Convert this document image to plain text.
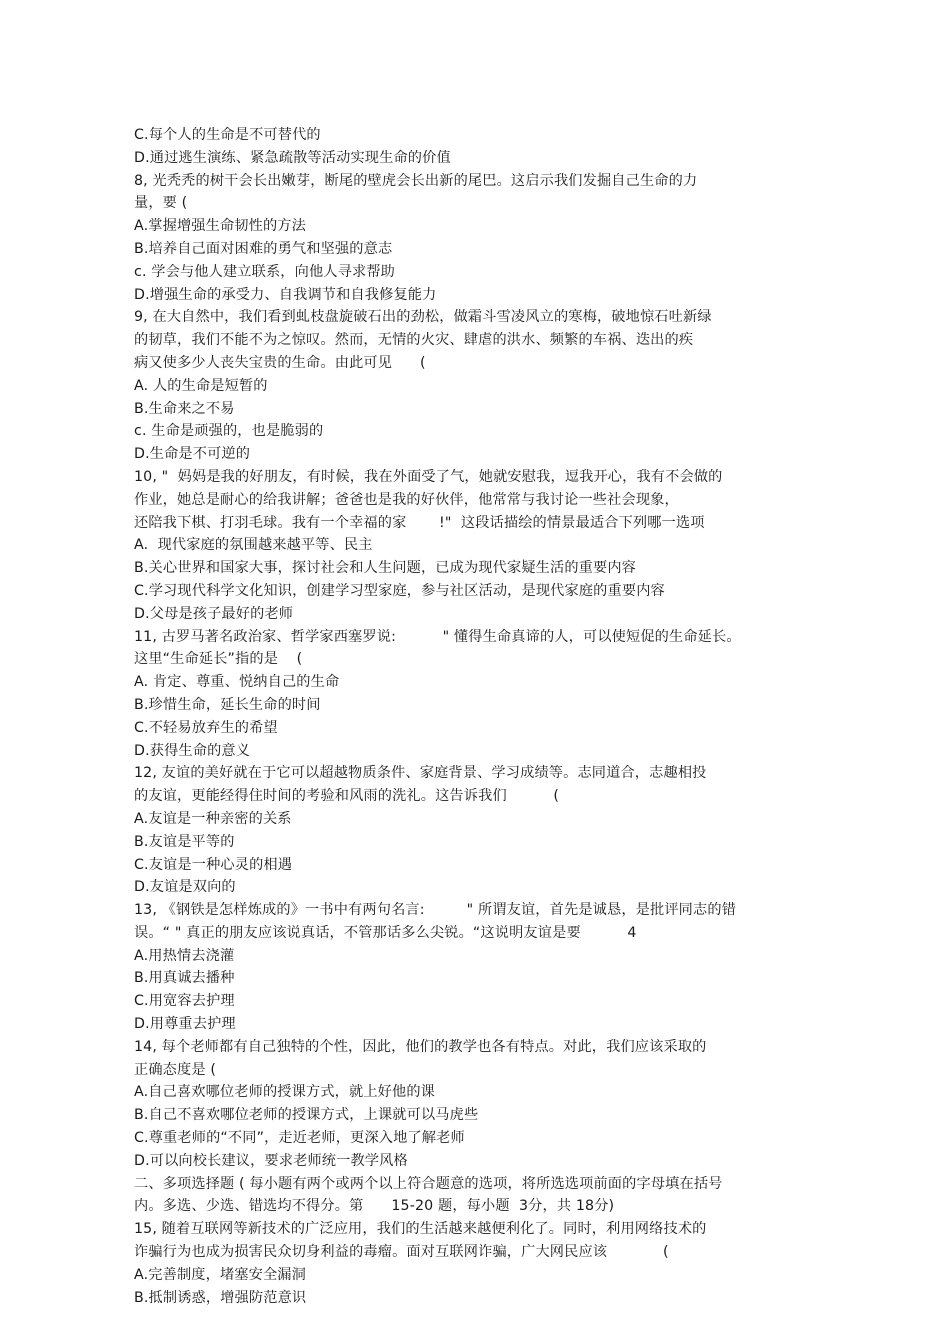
C.每个人的生命是不可替代的
D.通过逃生演练、紧急疏散等活动实现生命的价值
8, 光秃秃的树干会长出嫩芽，断尾的壁虎会长出新的尾巴。这启示我们发掘自己生命的力
量，要 (
A.掌握增强生命韧性的方法
B.培养自己面对困难的勇气和坚强的意志
c. 学会与他人建立联系，向他人寻求帮助
D.增强生命的承受力、自我调节和自我修复能力
9, 在大自然中，我们看到虬枝盘旋破石出的劲松，做霜斗雪凌风立的寒梅，破地惊石吐新绿
的韧草，我们不能不为之惊叹。然而，无情的火灾、肆虐的洪水、频繁的车祸、迭出的疾
病又使多少人丧失宝贵的生命。由此可见      (
A. 人的生命是短暂的
B.生命来之不易
c. 生命是顽强的，也是脆弱的
D.生命是不可逆的
10, "  妈妈是我的好朋友，有时候，我在外面受了气，她就安慰我，逗我开心，我有不会做的
作业，她总是耐心的给我讲解；爸爸也是我的好伙伴，他常常与我讨论一些社会现象，
还陪我下棋、打羽毛球。我有一个幸福的家       !"  这段话描绘的情景最适合下列哪一选项
A.  现代家庭的氛围越来越平等、民主
B.关心世界和国家大事，探讨社会和人生问题，已成为现代家疑生活的重要内容
C.学习现代科学文化知识，创建学习型家庭，参与社区活动，是现代家庭的重要内容
D.父母是孩子最好的老师
11, 古罗马著名政治家、哲学家西塞罗说:          " 懂得生命真谛的人，可以使短促的生命延长。
这里“生命延长”指的是    (
A. 肯定、尊重、悦纳自己的生命
B.珍惜生命，延长生命的时间
C.不轻易放弃生的希望
D.获得生命的意义
12, 友谊的美好就在于它可以超越物质条件、家庭背景、学习成绩等。志同道合，志趣相投
的友谊，更能经得住时间的考验和风雨的洗礼。这告诉我们          (
A.友谊是一种亲密的关系
B.友谊是平等的
C.友谊是一种心灵的相遇
D.友谊是双向的
13, 《钢铁是怎样炼成的》一书中有两句名言:         " 所谓友谊，首先是诚恳，是批评同志的错
误。“ " 真正的朋友应该说真话，不管那话多么尖锐。“这说明友谊是要          4
A.用热情去浇灌
B.用真诚去播种
C.用宽容去护理
D.用尊重去护理
14, 每个老师都有自己独特的个性，因此，他们的教学也各有特点。对此，我们应该采取的
正确态度是 (
A.自己喜欢哪位老师的授课方式，就上好他的课
B.自己不喜欢哪位老师的授课方式，上课就可以马虎些
C.尊重老师的“不同”，走近老师，更深入地了解老师
D.可以向校长建议，要求老师统一教学风格
二、多项选择题 ( 每小题有两个或两个以上符合题意的选项，将所选选项前面的字母填在括号
内。多选、少选、错选均不得分。第      15-20 题，每小题  3分，共 18分)
15, 随着互联网等新技术的广泛应用，我们的生活越来越便利化了。同时，利用网络技术的
诈骗行为也成为损害民众切身利益的毒瘤。面对互联网诈骗，广大网民应该            (
A.完善制度，堵塞安全漏洞
B.抵制诱惑，增强防范意识
